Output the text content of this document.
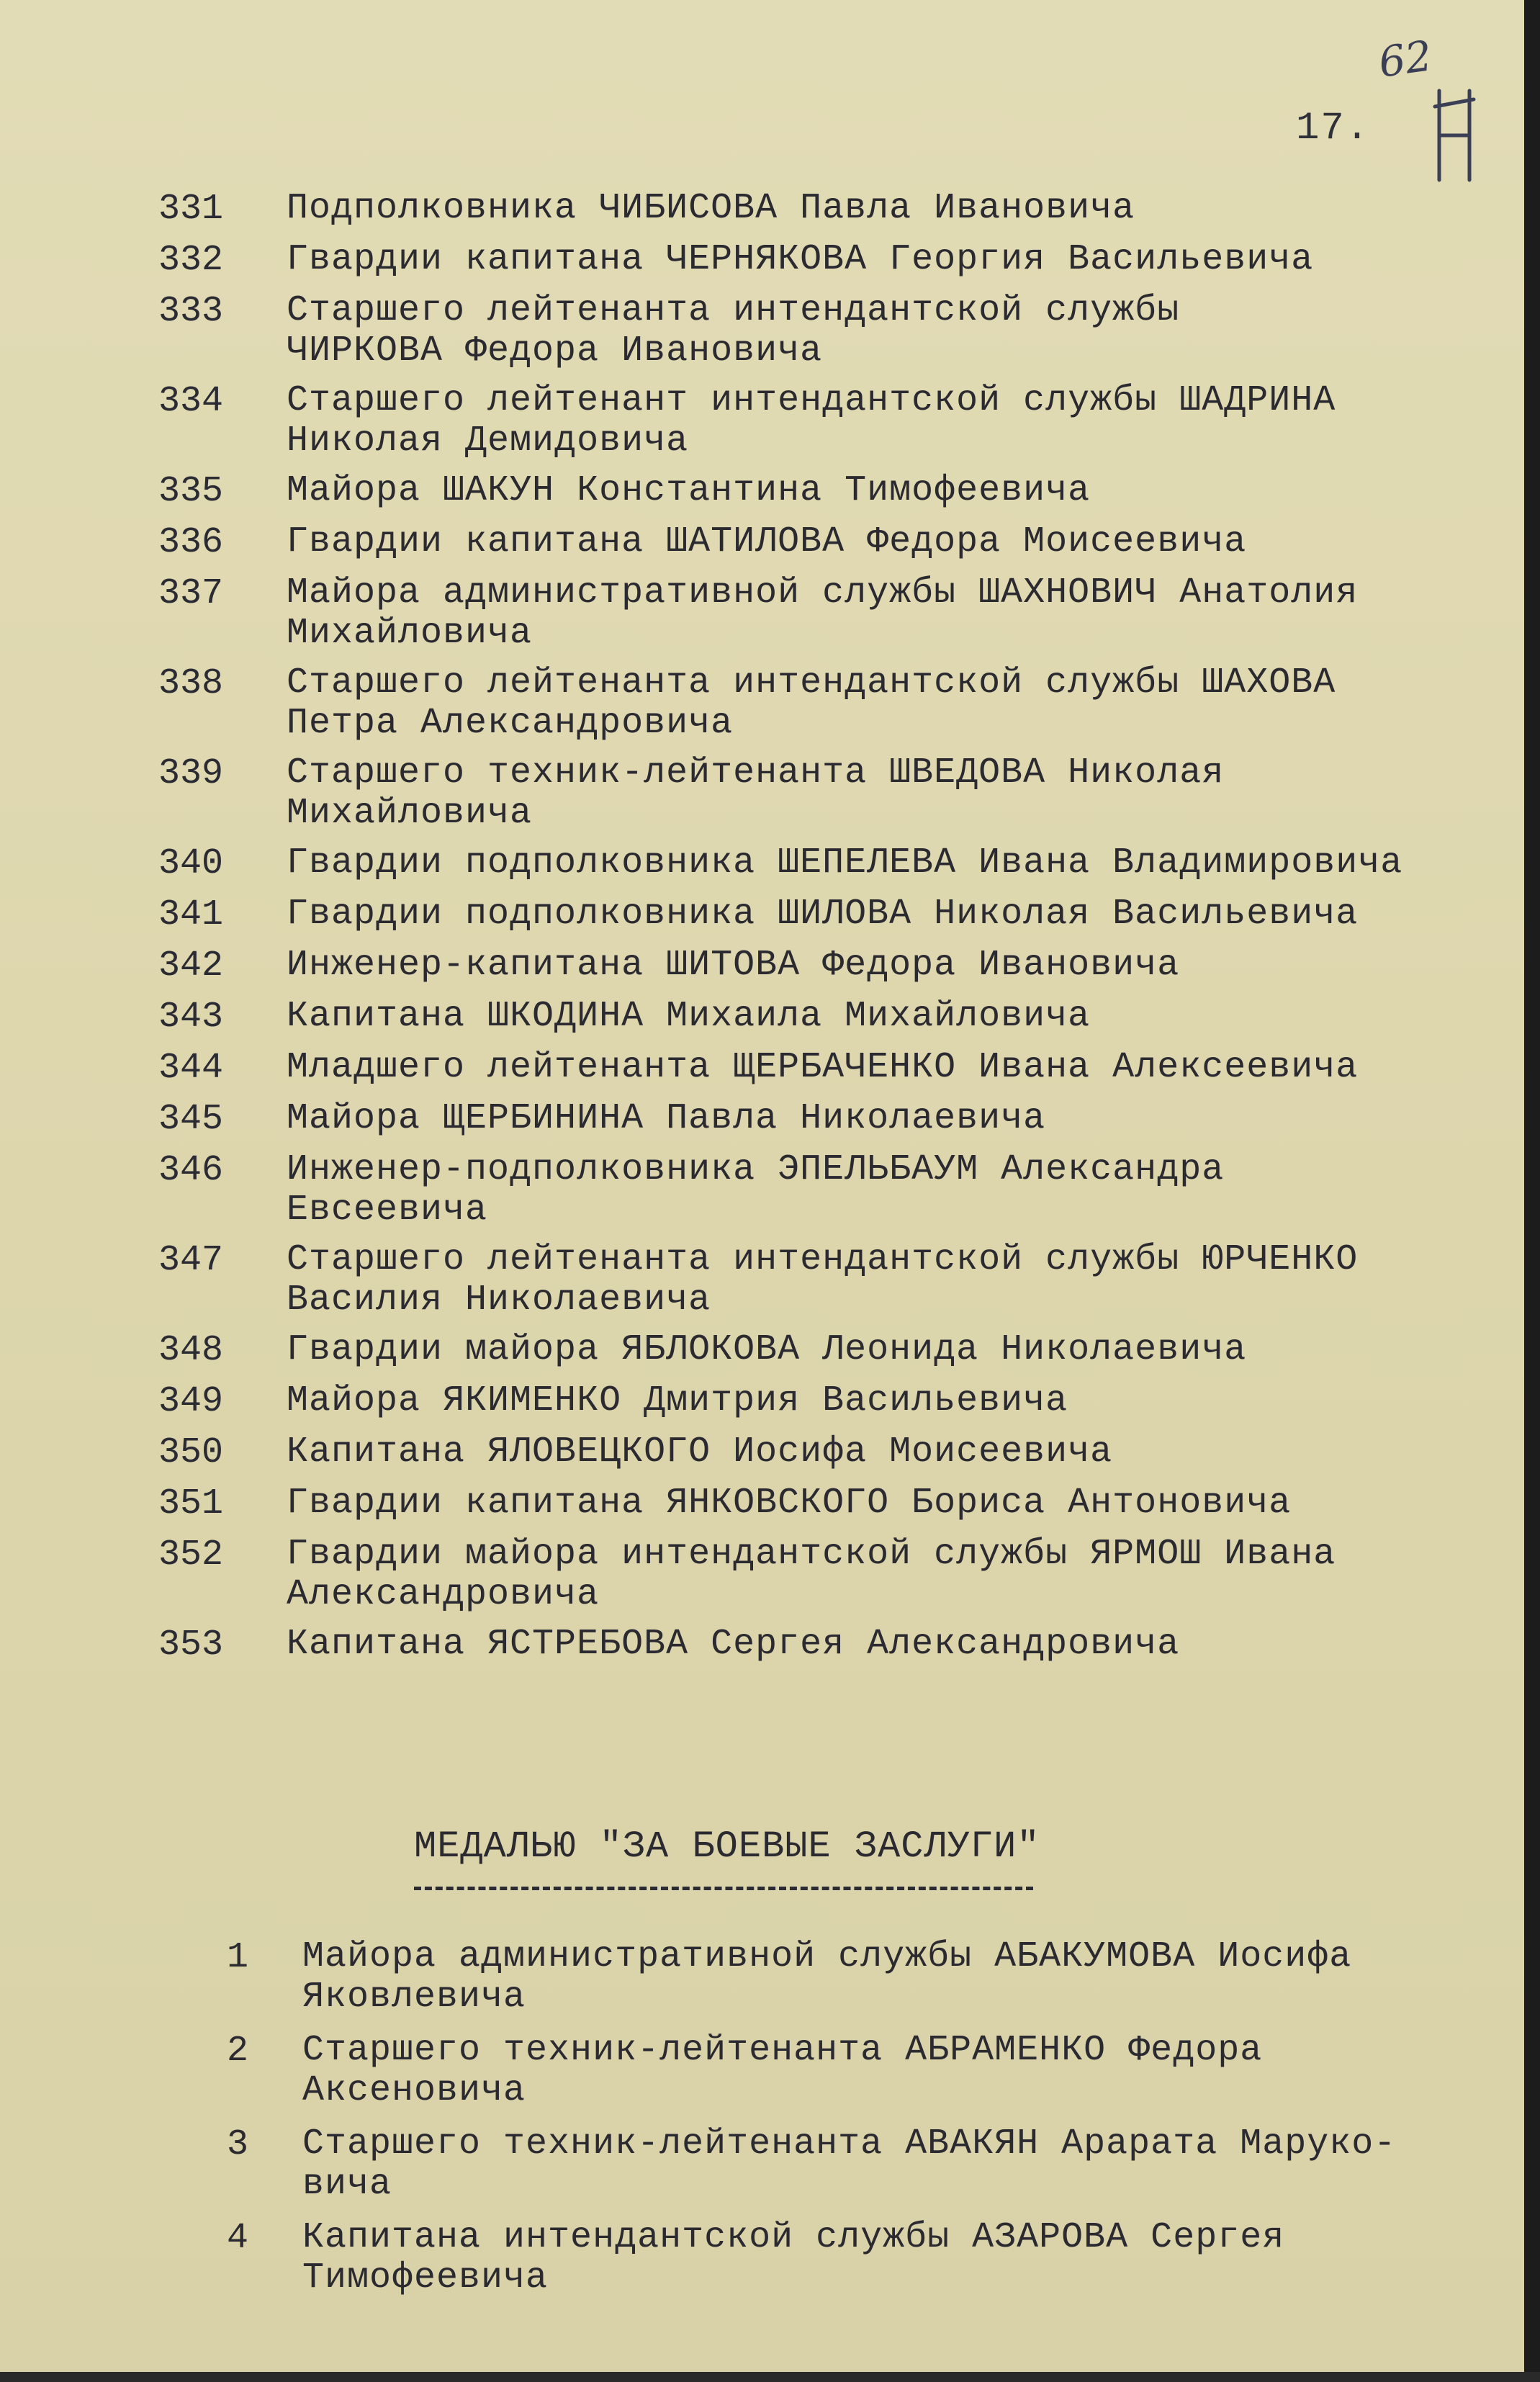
62
17.
331	Подполковника ЧИБИСОВА Павла Ивановича
332	Гвардии капитана ЧЕРНЯКОВА Георгия Васильевича
333	Старшего лейтенанта интендантской службы
ЧИРКОВА Федора Ивановича
334	Старшего лейтенант интендантской службы ШАДРИНА
Николая Демидовича
335	Майора ШАКУН Константина Тимофеевича
336	Гвардии капитана ШАТИЛОВА Федора Моисеевича
337	Майора административной службы ШАХНОВИЧ Анатолия
Михайловича
338	Старшего лейтенанта интендантской службы ШАХОВА
Петра Александровича
339	Старшего техник-лейтенанта ШВЕДОВА Николая
Михайловича
340	Гвардии подполковника ШЕПЕЛЕВА Ивана Владимировича
341	Гвардии подполковника ШИЛОВА Николая Васильевича
342	Инженер-капитана ШИТОВА Федора Ивановича
343	Капитана ШКОДИНА Михаила Михайловича
344	Младшего лейтенанта ЩЕРБАЧЕНКО Ивана Алексеевича
345	Майора ЩЕРБИНИНА Павла Николаевича
346	Инженер-подполковника ЭПЕЛЬБАУМ Александра
Евсеевича
347	Старшего лейтенанта интендантской службы ЮРЧЕНКО
Василия Николаевича
348	Гвардии майора ЯБЛОКОВА Леонида Николаевича
349	Майора ЯКИМЕНКО Дмитрия Васильевича
350	Капитана ЯЛОВЕЦКОГО Иосифа Моисеевича
351	Гвардии капитана ЯНКОВСКОГО Бориса Антоновича
352	Гвардии майора интендантской службы ЯРМОШ Ивана
Александровича
353	Капитана ЯСТРЕБОВА Сергея Александровича
МЕДАЛЬЮ "ЗА БОЕВЫЕ ЗАСЛУГИ"
1	Майора административной службы АБАКУМОВА Иосифа
Яковлевича
2	Старшего техник-лейтенанта АБРАМЕНКО Федора
Аксеновича
3	Старшего техник-лейтенанта АВАКЯН Арарата Маруко-
вича
4	Капитана интендантской службы АЗАРОВА Сергея
Тимофеевича
